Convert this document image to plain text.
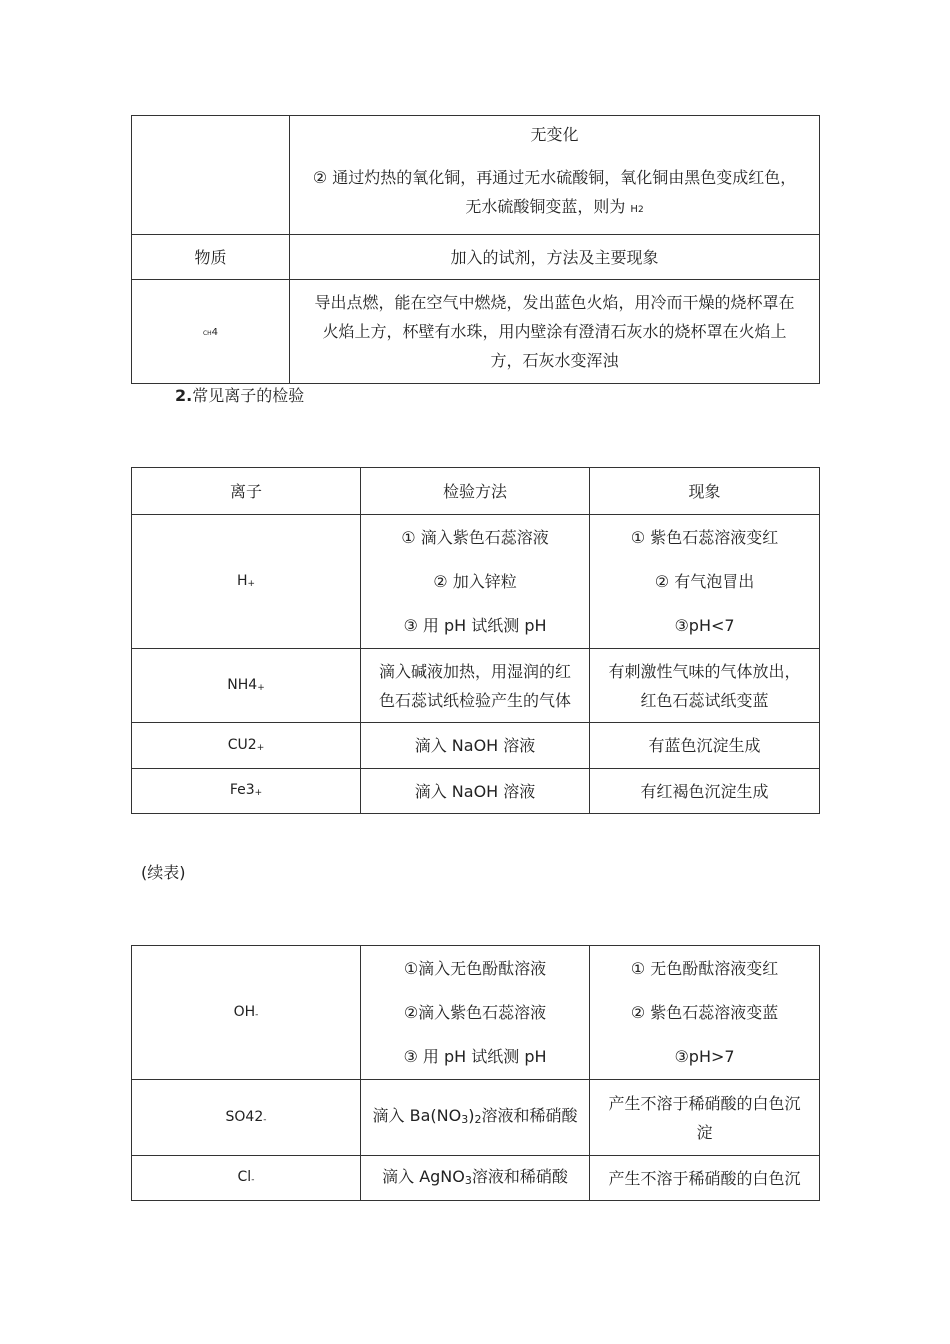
	无变化
② 通过灼热的氧化铜，再通过无水硫酸铜，氧化铜由黑色变成红色，
无水硫酸铜变蓝，则为 H2

物质	加入的试剂，方法及主要现象
CH4	导出点燃，能在空气中燃烧，发出蓝色火焰，用冷而干燥的烧杯罩在
火焰上方，杯壁有水珠，用内壁涂有澄清石灰水的烧杯罩在火焰上
方，石灰水变浑浊
2.常见离子的检验
离子	检验方法	现象
H+	① 滴入紫色石蕊溶液
② 加入锌粒
③ 用 pH 试纸测 pH	① 紫色石蕊溶液变红
② 有气泡冒出
③pH<7

NH4+	滴入碱液加热，用湿润的红
色石蕊试纸检验产生的气体	有刺激性气味的气体放出，
红色石蕊试纸变蓝

CU2+	滴入 NaOH 溶液	有蓝色沉淀生成
Fe3+	滴入 NaOH 溶液	有红褐色沉淀生成
(续表)
OH-	①滴入无色酚酞溶液
②滴入紫色石蕊溶液
③ 用 pH 试纸测 pH	① 无色酚酞溶液变红
② 紫色石蕊溶液变蓝
③pH>7

SO42-	滴入 Ba(NO3)2溶液和稀硝酸	产生不溶于稀硝酸的白色沉
淀

Cl-	滴入 AgNO3溶液和稀硝酸	产生不溶于稀硝酸的白色沉
